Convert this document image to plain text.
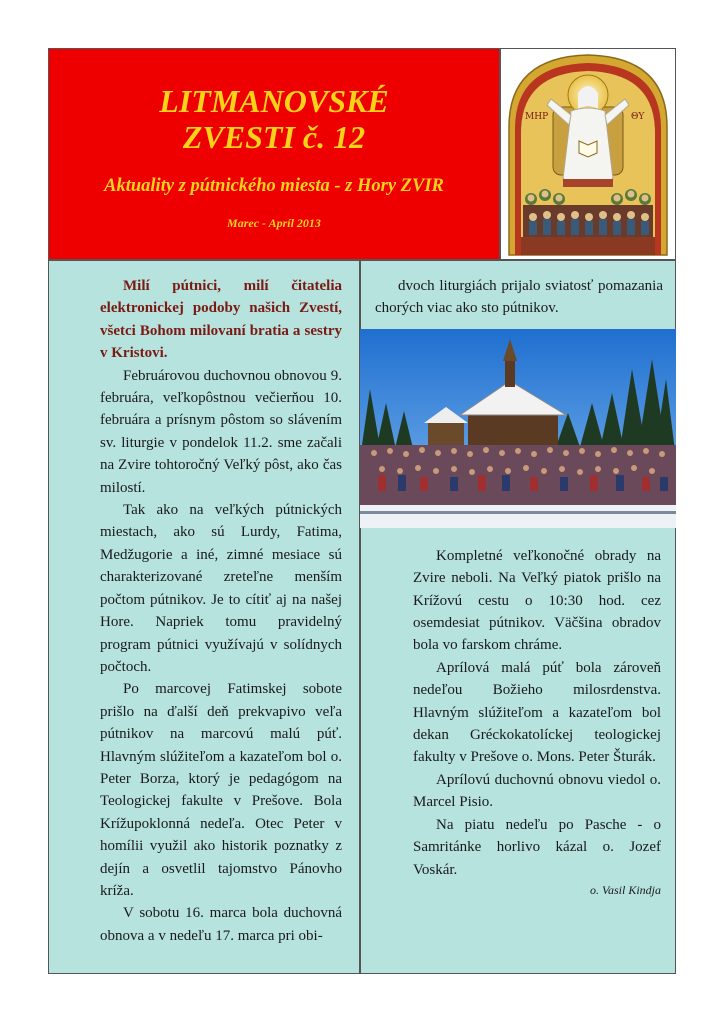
LITMANOVSKÉ
ZVESTI č. 12
Aktuality z pútnického miesta - z Hory ZVIR
Marec - Apríl 2013
ΜΗΡ	ΘΥ

Milí pútnici, milí čitatelia elektronickej podoby našich Zvestí, všetci Bohom milovaní bratia a sestry v Kristovi.

Februárovou duchovnou obnovou 9. februára, veľkopôstnou večierňou 10. februára a prísnym pôstom so slávením sv. liturgie v pondelok 11.2. sme začali na Zvire tohtoročný Veľký pôst, ako čas milostí.

Tak ako na veľkých pútnických miestach, ako sú Lurdy, Fatima, Medžugorie a iné, zimné mesiace sú charakterizované zreteľne menším počtom pútnikov. Je to cítiť aj na našej Hore. Napriek tomu pravidelný program pútnici využívajú v solídnych počtoch.

Po marcovej Fatimskej sobote prišlo na ďalší deň prekvapivo veľa pútnikov na marcovú malú púť. Hlavným slúžiteľom a kazateľom bol o. Peter Borza, ktorý je pedagógom na Teologickej fakulte v Prešove. Bola Krížupoklonná nedeľa. Otec Peter v homílii využil ako historik poznatky z dejín a osvetlil tajomstvo Pánovho kríža.

V sobotu 16. marca bola duchovná obnova a v nedeľu 17. marca pri obi-

dvoch liturgiách prijalo sviatosť pomazania chorých viac ako sto pútnikov.

Kompletné veľkonočné obrady na Zvire neboli. Na Veľký piatok prišlo na Krížovú cestu o 10:30 hod. cez osemdesiat pútnikov. Väčšina obradov bola vo farskom chráme.

Aprílová malá púť bola zároveň nedeľou Božieho milosrdenstva. Hlavným slúžiteľom a kazateľom bol dekan Gréckokatolíckej teologickej fakulty v Prešove o. Mons. Peter Šturák.

Aprílovú duchovnú obnovu viedol o. Marcel Pisio.

Na piatu nedeľu po Pasche - o Samritánke horlivo kázal o. Jozef Voskár.

o. Vasil Kindja
